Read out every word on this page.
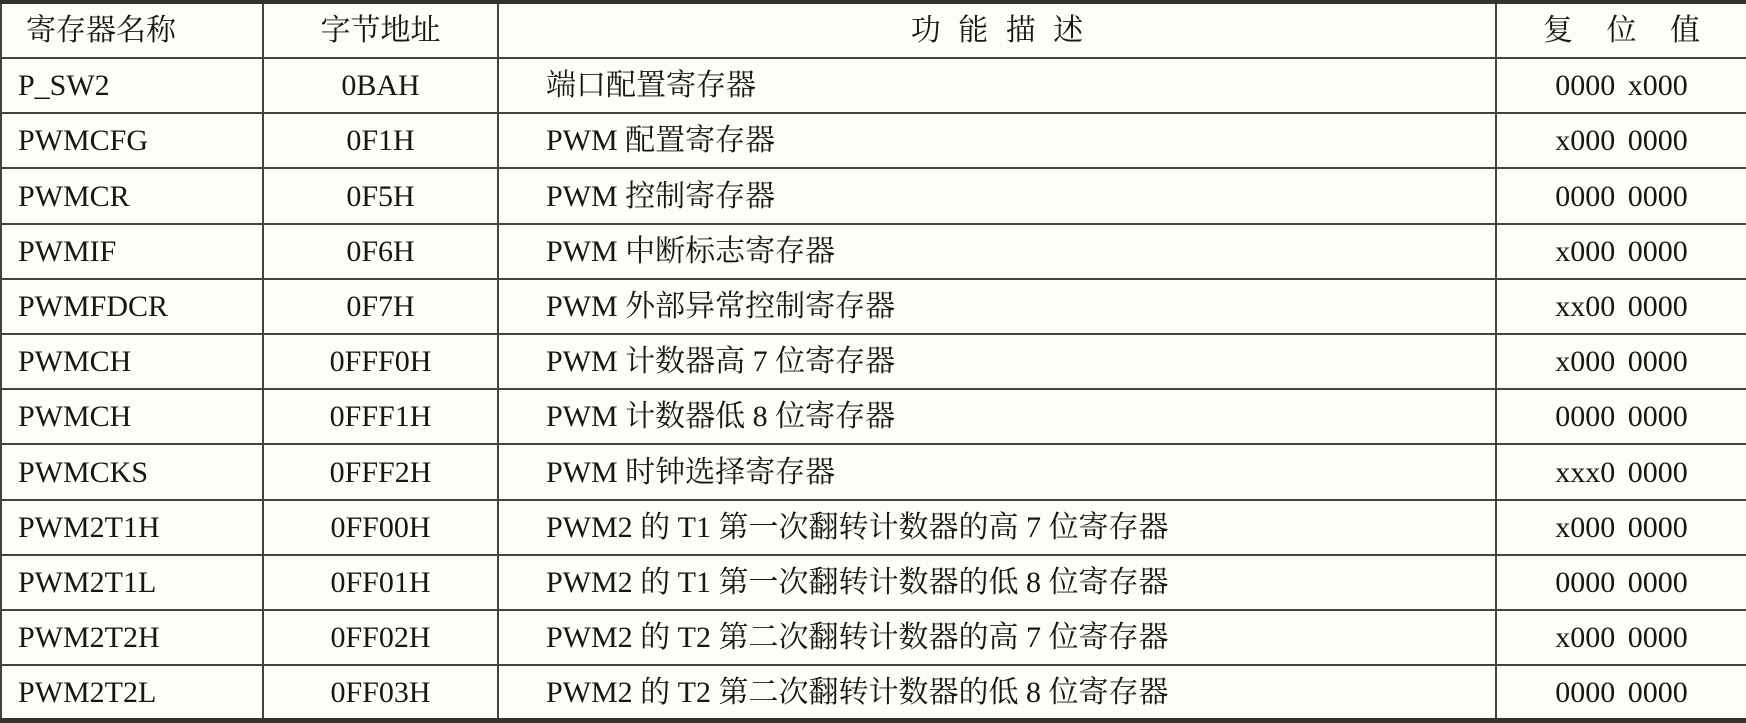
寄存器名称	字节地址	功 能 描 述	复 位 值
P_SW2	0BAH	端口配置寄存器	0000 x000
PWMCFG	0F1H	PWM 配置寄存器	x000 0000
PWMCR	0F5H	PWM 控制寄存器	0000 0000
PWMIF	0F6H	PWM 中断标志寄存器	x000 0000
PWMFDCR	0F7H	PWM 外部异常控制寄存器	xx00 0000
PWMCH	0FFF0H	PWM 计数器高 7 位寄存器	x000 0000
PWMCH	0FFF1H	PWM 计数器低 8 位寄存器	0000 0000
PWMCKS	0FFF2H	PWM 时钟选择寄存器	xxx0 0000
PWM2T1H	0FF00H	PWM2 的 T1 第一次翻转计数器的高 7 位寄存器	x000 0000
PWM2T1L	0FF01H	PWM2 的 T1 第一次翻转计数器的低 8 位寄存器	0000 0000
PWM2T2H	0FF02H	PWM2 的 T2 第二次翻转计数器的高 7 位寄存器	x000 0000
PWM2T2L	0FF03H	PWM2 的 T2 第二次翻转计数器的低 8 位寄存器	0000 0000
